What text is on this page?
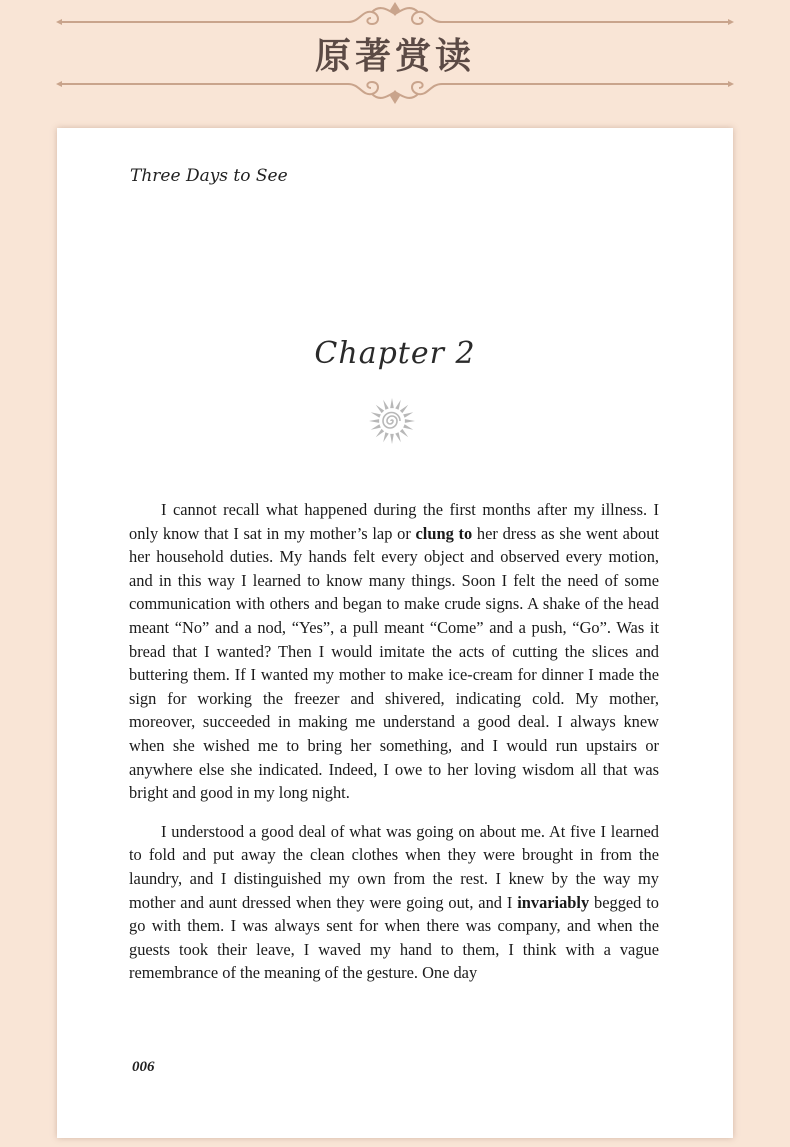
原著赏读
Three Days to See
Chapter 2

I cannot recall what happened during the first months after my illness. I only know that I sat in my mother’s lap or clung to her dress as she went about her household duties. My hands felt every object and observed every motion, and in this way I learned to know many things. Soon I felt the need of some communication with others and began to make crude signs. A shake of the head meant “No” and a nod, “Yes”, a pull meant “Come” and a push, “Go”. Was it bread that I wanted? Then I would imitate the acts of cutting the slices and buttering them. If I wanted my mother to make ice-cream for dinner I made the sign for working the freezer and shivered, indicating cold. My mother, moreover, succeeded in making me understand a good deal. I always knew when she wished me to bring her something, and I would run upstairs or anywhere else she indicated. Indeed, I owe to her loving wisdom all that was bright and good in my long night.

I understood a good deal of what was going on about me. At five I learned to fold and put away the clean clothes when they were brought in from the laundry, and I distinguished my own from the rest. I knew by the way my mother and aunt dressed when they were going out, and I invariably begged to go with them. I was always sent for when there was company, and when the guests took their leave, I waved my hand to them, I think with a vague remembrance of the meaning of the gesture. One day

006
